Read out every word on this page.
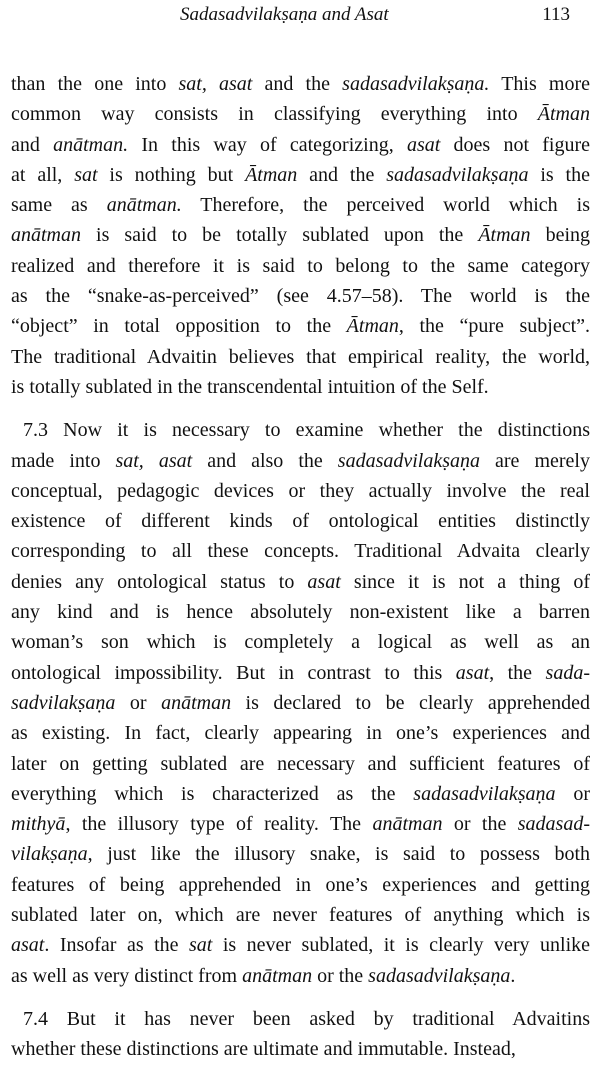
Sadasadvilakṣaṇa and Asat	113
than the one into sat, asat and the sadasadvilakṣaṇa. This more
common way consists in classifying everything into Ātman
and anātman. In this way of categorizing, asat does not figure
at all, sat is nothing but Ātman and the sadasadvilakṣaṇa is the
same as anātman. Therefore, the perceived world which is
anātman is said to be totally sublated upon the Ātman being
realized and therefore it is said to belong to the same category
as the “snake-as-perceived” (see 4.57–58). The world is the
“object” in total opposition to the Ātman, the “pure subject”.
The traditional Advaitin believes that empirical reality, the world,
is totally sublated in the transcendental intuition of the Self.
7.3 Now it is necessary to examine whether the distinctions
made into sat, asat and also the sadasadvilakṣaṇa are merely
conceptual, pedagogic devices or they actually involve the real
existence of different kinds of ontological entities distinctly
corresponding to all these concepts. Traditional Advaita clearly
denies any ontological status to asat since it is not a thing of
any kind and is hence absolutely non-existent like a barren
woman’s son which is completely a logical as well as an
ontological impossibility. But in contrast to this asat, the sada-
sadvilakṣaṇa or anātman is declared to be clearly apprehended
as existing. In fact, clearly appearing in one’s experiences and
later on getting sublated are necessary and sufficient features of
everything which is characterized as the sadasadvilakṣaṇa or
mithyā, the illusory type of reality. The anātman or the sadasad-
vilakṣaṇa, just like the illusory snake, is said to possess both
features of being apprehended in one’s experiences and getting
sublated later on, which are never features of anything which is
asat. Insofar as the sat is never sublated, it is clearly very unlike
as well as very distinct from anātman or the sadasadvilakṣaṇa.
7.4 But it has never been asked by traditional Advaitins
whether these distinctions are ultimate and immutable. Instead,
